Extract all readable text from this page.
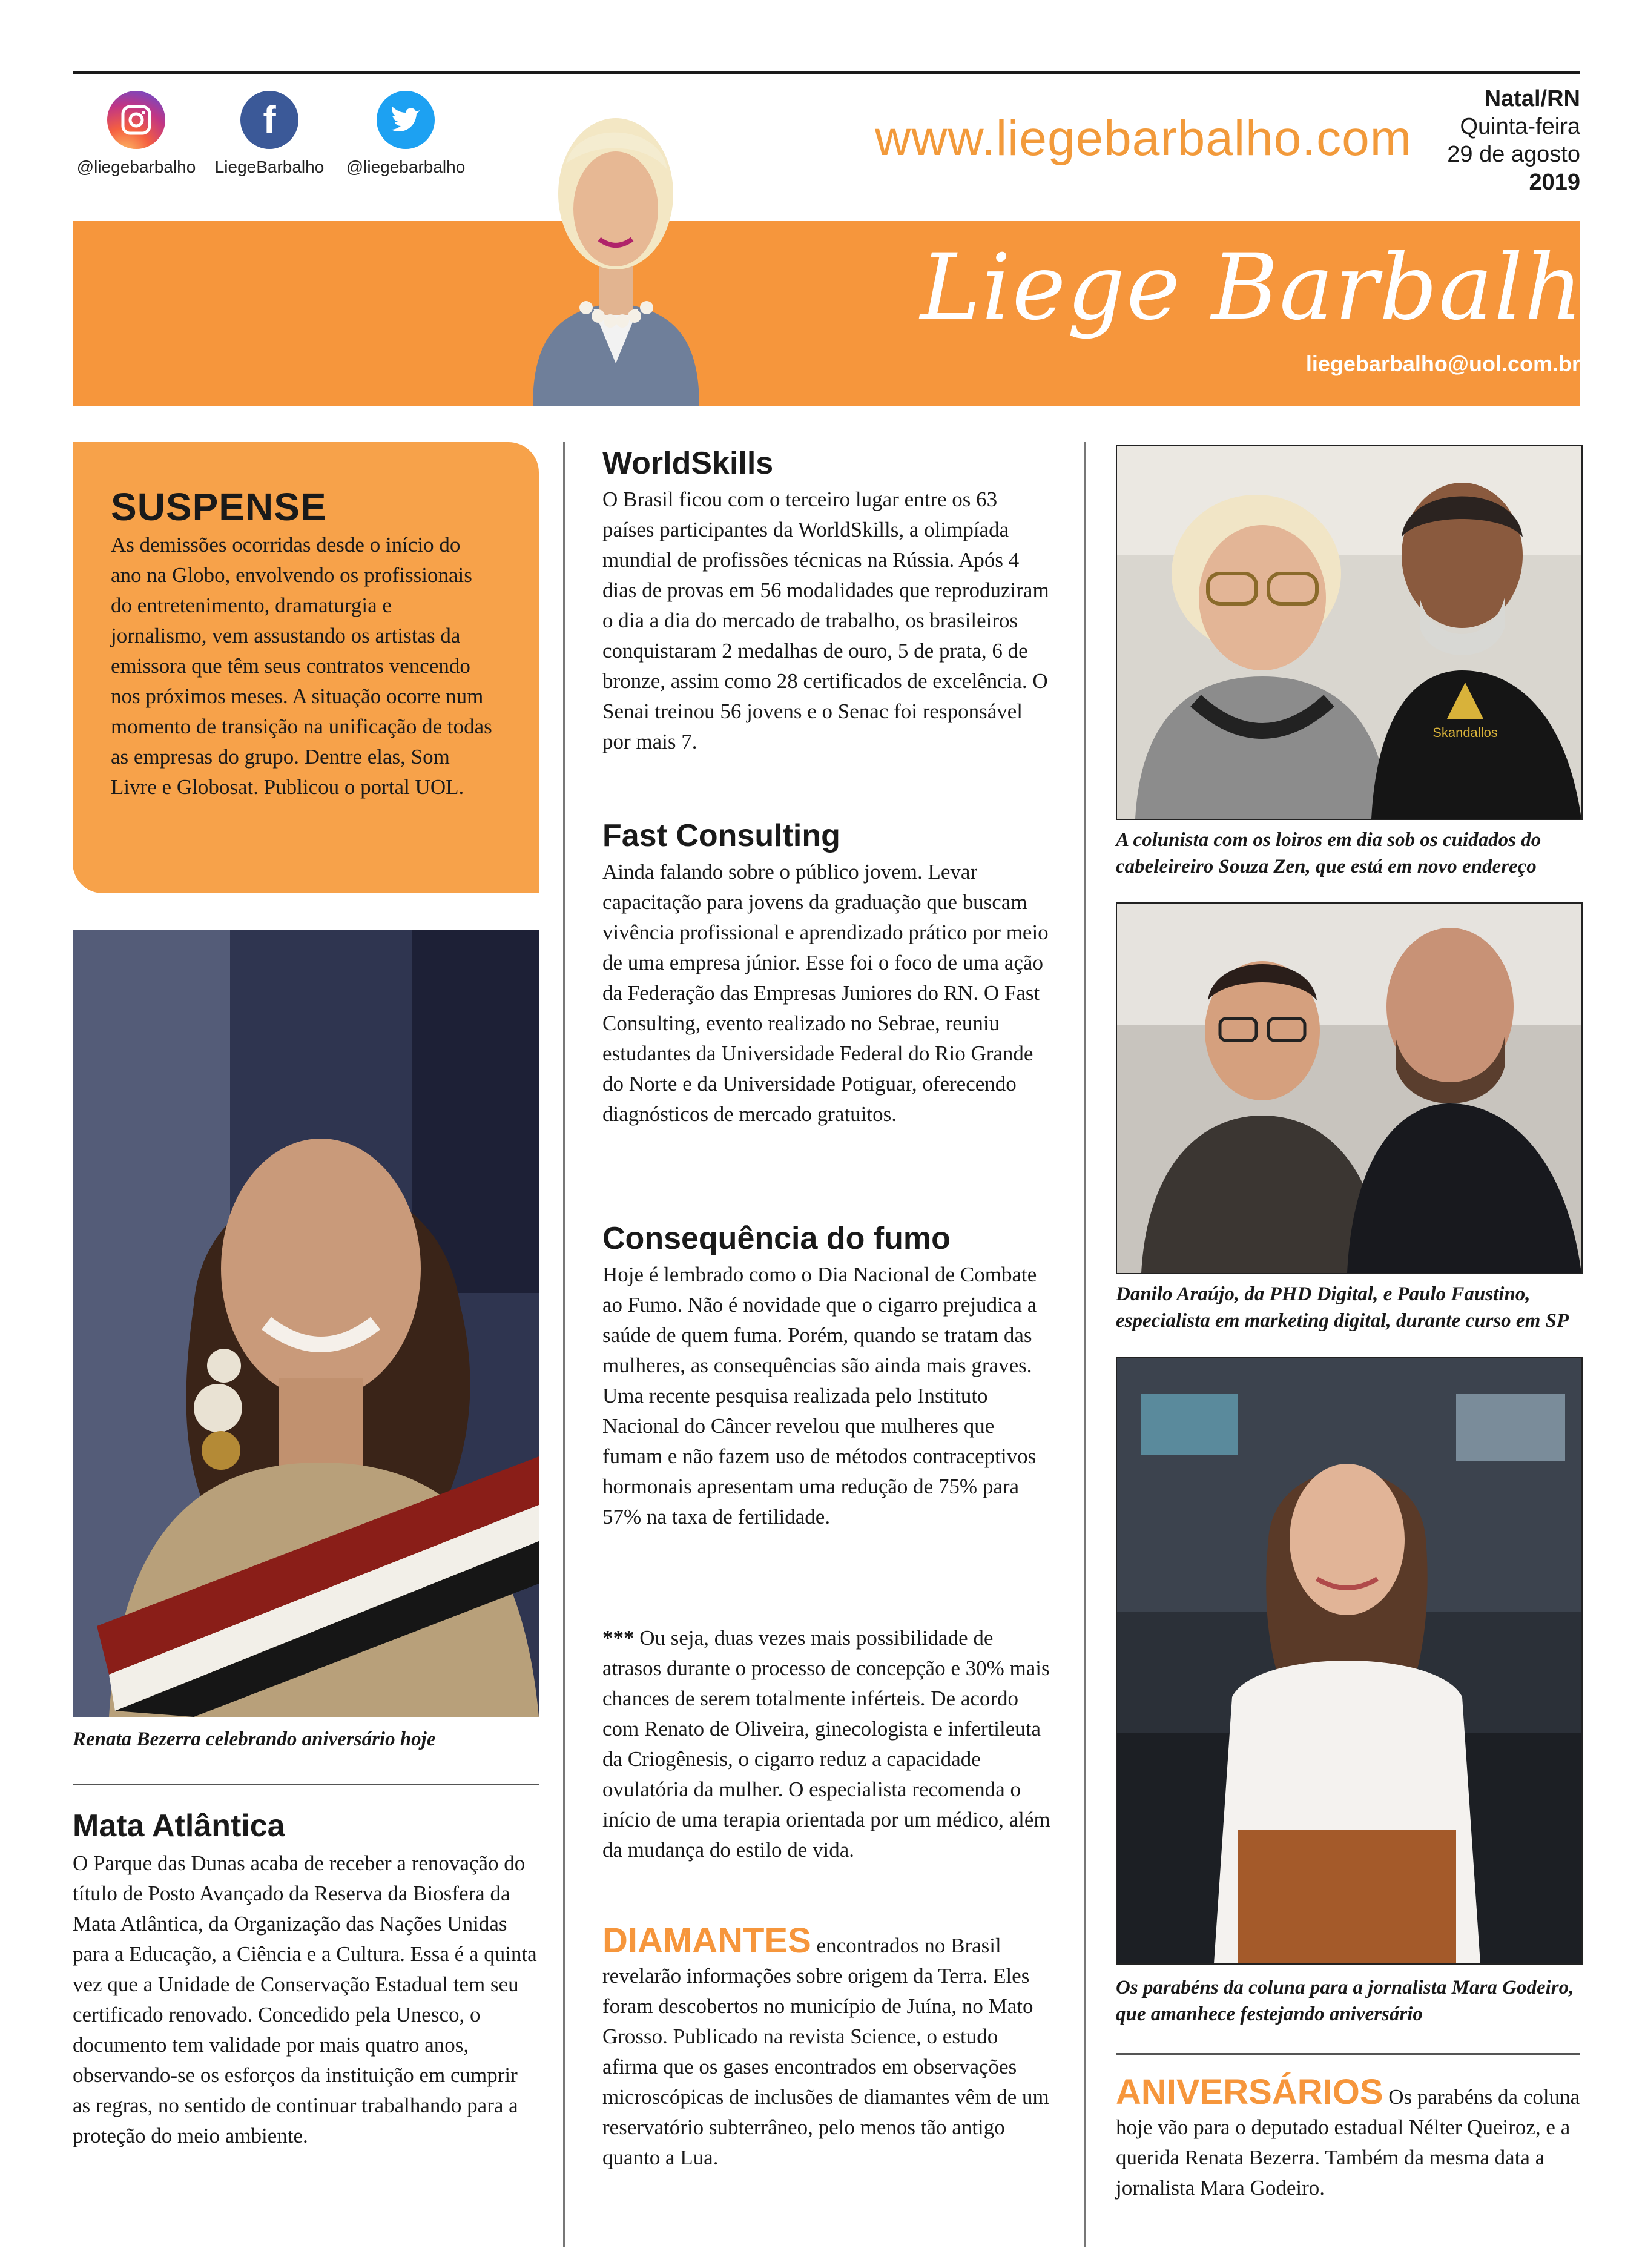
@liegebarbalho
f
LiegeBarbalho	@liegebarbalho
www.liegebarbalho.com
Natal/RN
Quinta-feira
29 de agosto
2019
Liege Barbalho
liegebarbalho@uol.com.br
SUSPENSE
As demissões ocorridas desde o início do ano na Globo, envolvendo os profissionais do entretenimento, dramaturgia e jornalismo, vem assustando os artistas da emissora que têm seus contratos vencendo nos próximos meses. A situação ocorre num momento de transição na unificação de todas as empresas do grupo. Dentre elas, Som Livre e Globosat. Publicou o portal UOL.
Renata Bezerra celebrando aniversário hoje
Mata Atlântica
O Parque das Dunas acaba de receber a renovação do título de Posto Avançado da Reserva da Biosfera da Mata Atlântica, da Organização das Nações Unidas para a Educação, a Ciência e a Cultura. Essa é a quinta vez que a Unidade de Conservação Estadual tem seu certificado renovado. Concedido pela Unesco, o documento tem validade por mais quatro anos, observando-se os esforços da instituição em cumprir as regras, no sentido de continuar trabalhando para a proteção do meio ambiente.
WorldSkills
O Brasil ficou com o terceiro lugar entre os 63 países participantes da WorldSkills, a olimpíada mundial de profissões técnicas na Rússia. Após 4 dias de provas em 56 modalidades que reproduziram o dia a dia do mercado de trabalho, os brasileiros conquistaram 2 medalhas de ouro, 5 de prata, 6 de bronze, assim como 28 certificados de excelência. O Senai treinou 56 jovens e o Senac foi responsável por mais 7.
Fast Consulting
Ainda falando sobre o público jovem. Levar capacitação para jovens da graduação que buscam vivência profissional e aprendizado prático por meio de uma empresa júnior. Esse foi o foco de uma ação da Federação das Empresas Juniores do RN. O Fast Consulting, evento realizado no Sebrae, reuniu estudantes da Universidade Federal do Rio Grande do Norte e da Universidade Potiguar, oferecendo diagnósticos de mercado gratuitos.
Consequência do fumo
Hoje é lembrado como o Dia Nacional de Combate ao Fumo. Não é novidade que o cigarro prejudica a saúde de quem fuma. Porém, quando se tratam das mulheres, as consequências são ainda mais graves. Uma recente pesquisa realizada pelo Instituto Nacional do Câncer revelou que mulheres que fumam e não fazem uso de métodos contraceptivos hormonais apresentam uma redução de 75% para 57% na taxa de fertilidade.
*** Ou seja, duas vezes mais possibilidade de atrasos durante o processo de concepção e 30% mais chances de serem totalmente inférteis. De acordo com Renato de Oliveira, ginecologista e infertileuta da Criogênesis, o cigarro reduz a capacidade ovulatória da mulher. O especialista recomenda o início de uma terapia orientada por um médico, além da mudança do estilo de vida.
DIAMANTES encontrados no Brasil revelarão informações sobre origem da Terra. Eles foram descobertos no município de Juína, no Mato Grosso. Publicado na revista Science, o estudo afirma que os gases encontrados em observações microscópicas de inclusões de diamantes vêm de um reservatório subterrâneo, pelo menos tão antigo quanto a Lua.
Skandallos
A colunista com os loiros em dia sob os cuidados do cabeleireiro Souza Zen, que está em novo endereço
Danilo Araújo, da PHD Digital, e Paulo Faustino, especialista em marketing digital, durante curso em SP
Os parabéns da coluna para a jornalista Mara Godeiro, que amanhece festejando aniversário
ANIVERSÁRIOS Os parabéns da coluna hoje vão para o deputado estadual Nélter Queiroz, e a querida Renata Bezerra. Também da mesma data a jornalista Mara Godeiro.
